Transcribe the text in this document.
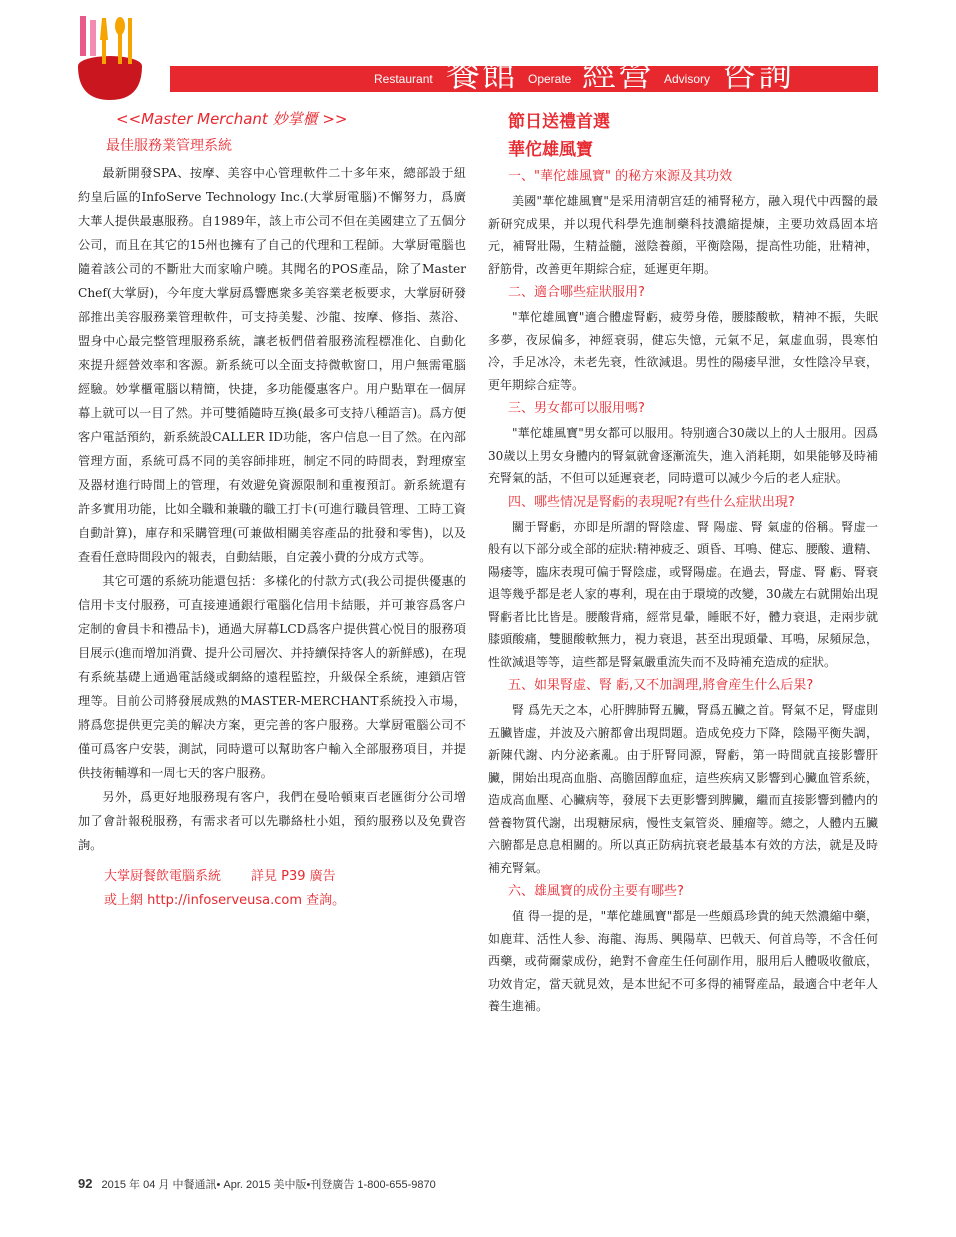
Restaurant 餐館 Operate 經營 Advisory 咨詢
<<Master Merchant 妙掌櫃 >>
最佳服務業管理系統

最新開發SPA、按摩、美容中心管理軟件二十多年來，總部設于紐約皇后區的InfoServe Technology Inc.(大掌厨電腦)不懈努力，爲廣大華人提供最惠服務。自1989年，該上市公司不但在美國建立了五個分公司，而且在其它的15州也擁有了自己的代理和工程師。大掌厨電腦也隨着該公司的不斷壯大而家喻户曉。其聞名的POS產品，除了Master Chef(大掌厨)，今年度大掌厨爲響應衆多美容業老板要求，大掌厨研發部推出美容服務業管理軟件，可支持美髮、沙龍、按摩、修指、蒸浴、盟身中心最完整管理服務系統，讓老板們借着服務流程標准化、自動化來提升經營效率和客源。新系統可以全面支持微軟窗口，用户無需電腦經驗。妙掌櫃電腦以精簡，快捷，多功能優惠客户。用户點單在一個屏幕上就可以一目了然。并可雙循隨時互換(最多可支持八種語言)。爲方便客户電話預約，新系統設CALLER ID功能，客户信息一目了然。在內部管理方面，系統可爲不同的美容師排班，制定不同的時間表，對理療室及器材進行時間上的管理，有效避免資源限制和重複預訂。新系統還有許多實用功能，比如全職和兼職的職工打卡(可進行職員管理、工時工資自動計算)，庫存和采購管理(可兼做相關美容產品的批發和零售)，以及查看任意時間段內的報表，自動結賬，自定義小費的分成方式等。

其它可選的系統功能還包括：多樣化的付款方式(我公司提供優惠的信用卡支付服務，可直接連通銀行電腦化信用卡結賬，并可兼容爲客户定制的會員卡和禮品卡)，通過大屏幕LCD爲客户提供賞心悦目的服務項目展示(進而增加消費、提升公司層次、并持續保持客人的新鮮感)，在現有系統基礎上通過電話綫或網絡的遠程監控，升級保全系統，連鎖店管理等。目前公司將發展成熟的MASTER-MERCHANT系統投入市場，將爲您提供更完美的解决方案，更完善的客户服務。大掌厨電腦公司不僅可爲客户安裝，測試，同時還可以幫助客户輸入全部服務項目，并提供技術輔導和一周七天的客户服務。

另外，爲更好地服務現有客户，我們在曼哈頓東百老匯街分公司增加了會計報税服務，有需求者可以先聯絡杜小姐，預約服務以及免費咨詢。

大掌厨餐飲電腦系統 詳見 P39 廣告
或上網 http://infoserveusa.com 查詢。
節日送禮首選
華佗雄風寶
一、"華佗雄風寶" 的秘方來源及其功效

美國"華佗雄風寶"是采用清朝宫廷的補腎秘方，融入現代中西醫的最新研究成果，并以現代科學先進制藥科技濃縮提煉，主要功效爲固本培元，補腎壯陽，生精益髓，滋陰養顔，平衡陰陽，提高性功能，壯精神，舒筋骨，改善更年期綜合症，延遲更年期。

二、適合哪些症狀服用?

"華佗雄風寶"適合體虚腎虧，疲勞身倦，腰膝酸軟，精神不振，失眠多夢，夜尿偏多，神經衰弱，健忘失憶，元氣不足，氣虚血弱，畏寒怕冷，手足冰冷，未老先衰，性欲減退。男性的陽痿早泄，女性陰冷早衰，更年期綜合症等。

三、男女都可以服用嗎?

"華佗雄風寶"男女都可以服用。特别適合30歲以上的人士服用。因爲30歲以上男女身體内的腎氣就會逐漸流失，進入消耗期，如果能够及時補充腎氣的話，不但可以延遲衰老，同時還可以减少今后的老人症狀。

四、哪些情况是腎虧的表現呢?有些什么症狀出現?

關于腎虧，亦即是所謂的腎陰虚、腎 陽虚、腎 氣虚的俗稱。腎虚一般有以下部分或全部的症狀:精神疲乏、頭昏、耳鳴、健忘、腰酸、遺精、陽痿等，臨床表現可偏于腎陰虚，或腎陽虚。在過去，腎虚、腎 虧、腎衰退等幾乎都是老人家的專利，現在由于環境的改變，30歲左右就開始出現腎虧者比比皆是。腰酸背痛，經常見暈，睡眠不好，體力衰退，走兩步就膝頭酸痛，雙腿酸軟無力，視力衰退，甚至出現頭暈、耳鳴，尿頻尿急，性欲減退等等，這些都是腎氣嚴重流失而不及時補充造成的症狀。

五、如果腎虚、腎 虧,又不加調理,將會産生什么后果?

腎 爲先天之本，心肝脾肺腎五臟，腎爲五臟之首。腎氣不足，腎虚則五臟皆虚，并波及六腑都會出現問題。造成免疫力下降，陰陽平衡失調，新陳代謝、内分泌紊亂。由于肝腎同源，腎虧，第一時間就直接影響肝臟，開始出現高血脂、高膽固醇血症，這些疾病又影響到心臟血管系統，造成高血壓、心臟病等，發展下去更影響到脾臟，繼而直接影響到體内的營養物質代謝，出現糖尿病，慢性支氣管炎、腫瘤等。總之，人體内五臟六腑都是息息相關的。所以真正防病抗衰老最基本有效的方法，就是及時補充腎氣。

六、雄風寶的成份主要有哪些?

值 得一提的是，"華佗雄風寶"都是一些頗爲珍貴的純天然濃縮中藥，如鹿茸、活性人参、海龍、海馬、興陽草、巴戟天、何首烏等，不含任何西藥，或荷爾蒙成份，絶對不會産生任何副作用，服用后人體吸收徹底，功效肯定，當天就見效，是本世紀不可多得的補腎産品，最適合中老年人養生進補。

92 2015 年 04 月 中餐通訊• Apr. 2015 美中版•刊登廣告 1-800-655-9870
